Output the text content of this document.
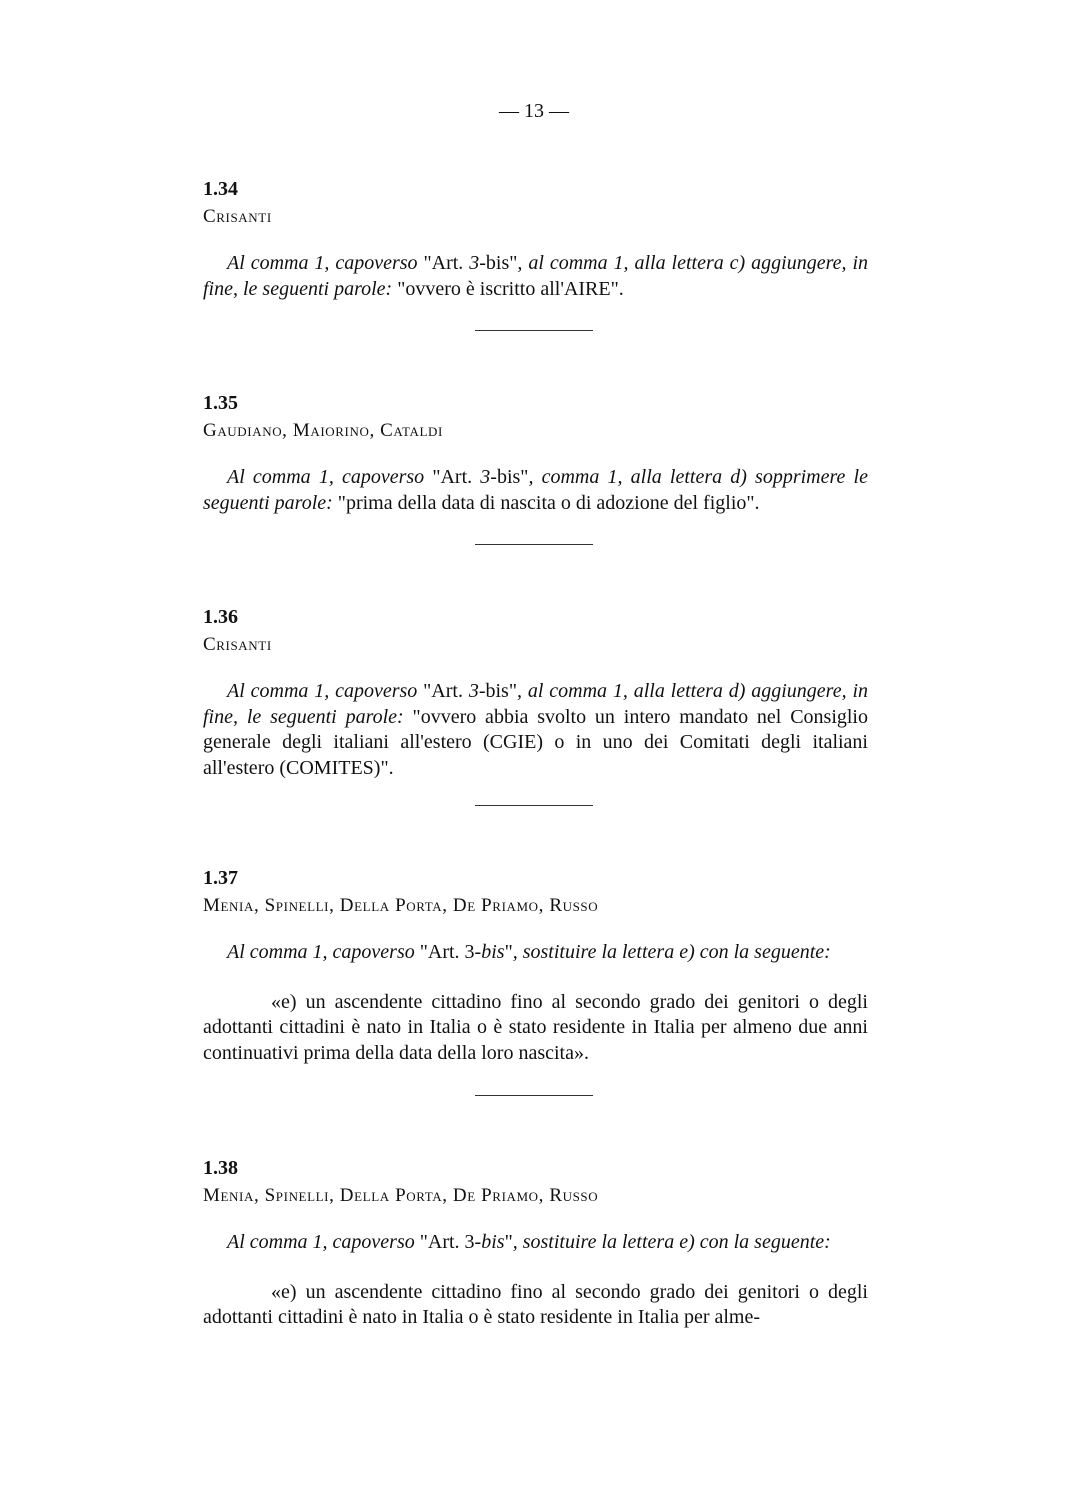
— 13 —

1.34

Crisanti

Al comma 1, capoverso "Art. 3-bis", al comma 1, alla lettera c) aggiungere, in fine, le seguenti parole: "ovvero è iscritto all'AIRE".

1.35

Gaudiano, Maiorino, Cataldi

Al comma 1, capoverso "Art. 3-bis", comma 1, alla lettera d) sopprimere le seguenti parole: "prima della data di nascita o di adozione del figlio".

1.36

Crisanti

Al comma 1, capoverso "Art. 3-bis", al comma 1, alla lettera d) aggiungere, in fine, le seguenti parole: "ovvero abbia svolto un intero mandato nel Consiglio generale degli italiani all'estero (CGIE) o in uno dei Comitati degli italiani all'estero (COMITES)".

1.37

Menia, Spinelli, Della Porta, De Priamo, Russo

Al comma 1, capoverso "Art. 3-bis", sostituire la lettera e) con la seguente:

«e) un ascendente cittadino fino al secondo grado dei genitori o degli adottanti cittadini è nato in Italia o è stato residente in Italia per almeno due anni continuativi prima della data della loro nascita».

1.38

Menia, Spinelli, Della Porta, De Priamo, Russo

Al comma 1, capoverso "Art. 3-bis", sostituire la lettera e) con la seguente:

«e) un ascendente cittadino fino al secondo grado dei genitori o degli adottanti cittadini è nato in Italia o è stato residente in Italia per alme-
